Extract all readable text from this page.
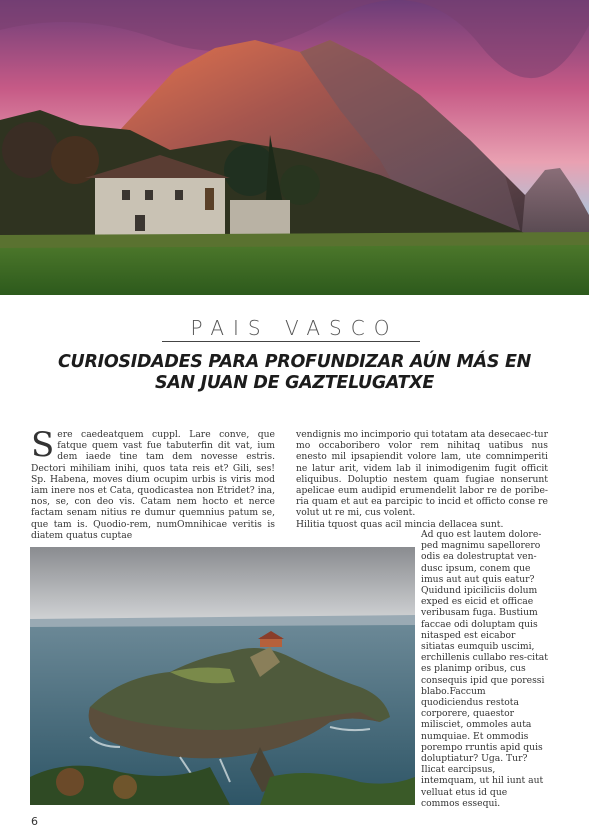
PAIS VASCO
CURIOSIDADES PARA PROFUNDIZAR AÚN MÁS EN
SAN JUAN DE GAZTELUGATXE
Sere caedeatquem cuppl. Lare conve, que fatque quem vast fue tabuterfin dit vat, ium dem iaede tine tam dem novesse estris. Dectori mihiliam inihi, quos tata reis et? Gili, ses! Sp. Habena, moves dium ocupim urbis is viris mod iam inere nos et Cata, quodicastea non Etridet? ina, nos, se, con deo vis. Catam nem hocto et nerce factam senam nitius re dumur quemnius patum se, que tam is. Quodio-rem, numOmnihicae veritis is diatem quatus cuptae
vendignis mo incimporio qui totatam ata desecaec-tur mo occaboribero volor rem nihitaq uatibus nus enesto mil ipsapiendit volore lam, ute comnimperiti ne latur arit, videm lab il inimodigenim fugit officit eliquibus. Doluptio nestem quam fugiae nonserunt apelicae eum audipid erumendelit labor re de poribe-ria quam et aut ea parcipic to incid et officto conse re volut ut re mi, cus volent.
Hilitia tquost quas acil mincia dellacea sunt.
Ad quo est lautem dolore-ped magnimu sapellorero odis ea dolestruptat ven-dusc ipsum, conem que imus aut aut quis eatur? Quidund ipiciliciis dolum exped es eicid et officae veribusam fuga. Bustium faccae odi doluptam quis nitasped est eicabor sitiatas eumquib uscimi, erchillenis cullabo res-citat es planimp oribus, cus consequis ipid que poressi blabo.Faccum quodiciendus restota corporere, quaestor milisciet, ommoles auta numquiae. Et ommodis porempo rruntis apid quis doluptiatur? Uga. Tur? Ilicat earcipsus, intemquam, ut hil iunt aut velluat etus id que commos essequi.
6
